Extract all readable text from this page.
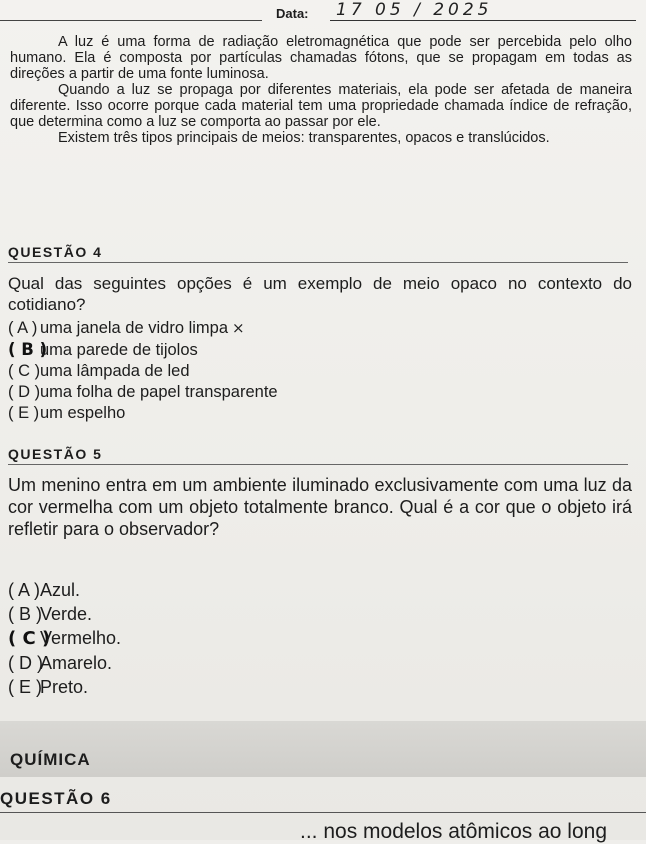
Data:	17 05 / 2025

A luz é uma forma de radiação eletromagnética que pode ser percebida pelo olho humano. Ela é composta por partículas chamadas fótons, que se propagam em todas as direções a partir de uma fonte luminosa.

Quando a luz se propaga por diferentes materiais, ela pode ser afetada de maneira diferente. Isso ocorre porque cada material tem uma propriedade chamada índice de refração, que determina como a luz se comporta ao passar por ele.

Existem três tipos principais de meios: transparentes, opacos e translúcidos.

QUESTÃO 4
Qual das seguintes opções é um exemplo de meio opaco no contexto do cotidiano?
( A ) uma janela de vidro limpa ×
( B )uma parede de tijolos
( C )uma lâmpada de led
( D )uma folha de papel transparente
( E )um espelho
QUESTÃO 5
Um menino entra em um ambiente iluminado exclusivamente com uma luz da cor vermelha com um objeto totalmente branco. Qual é a cor que o objeto irá refletir para o observador?
( A )Azul.
( B )Verde.
( C )Vermelho.
( D )Amarelo.
( E )Preto.
QUÍMICA
QUESTÃO 6
... nos modelos atômicos ao long
